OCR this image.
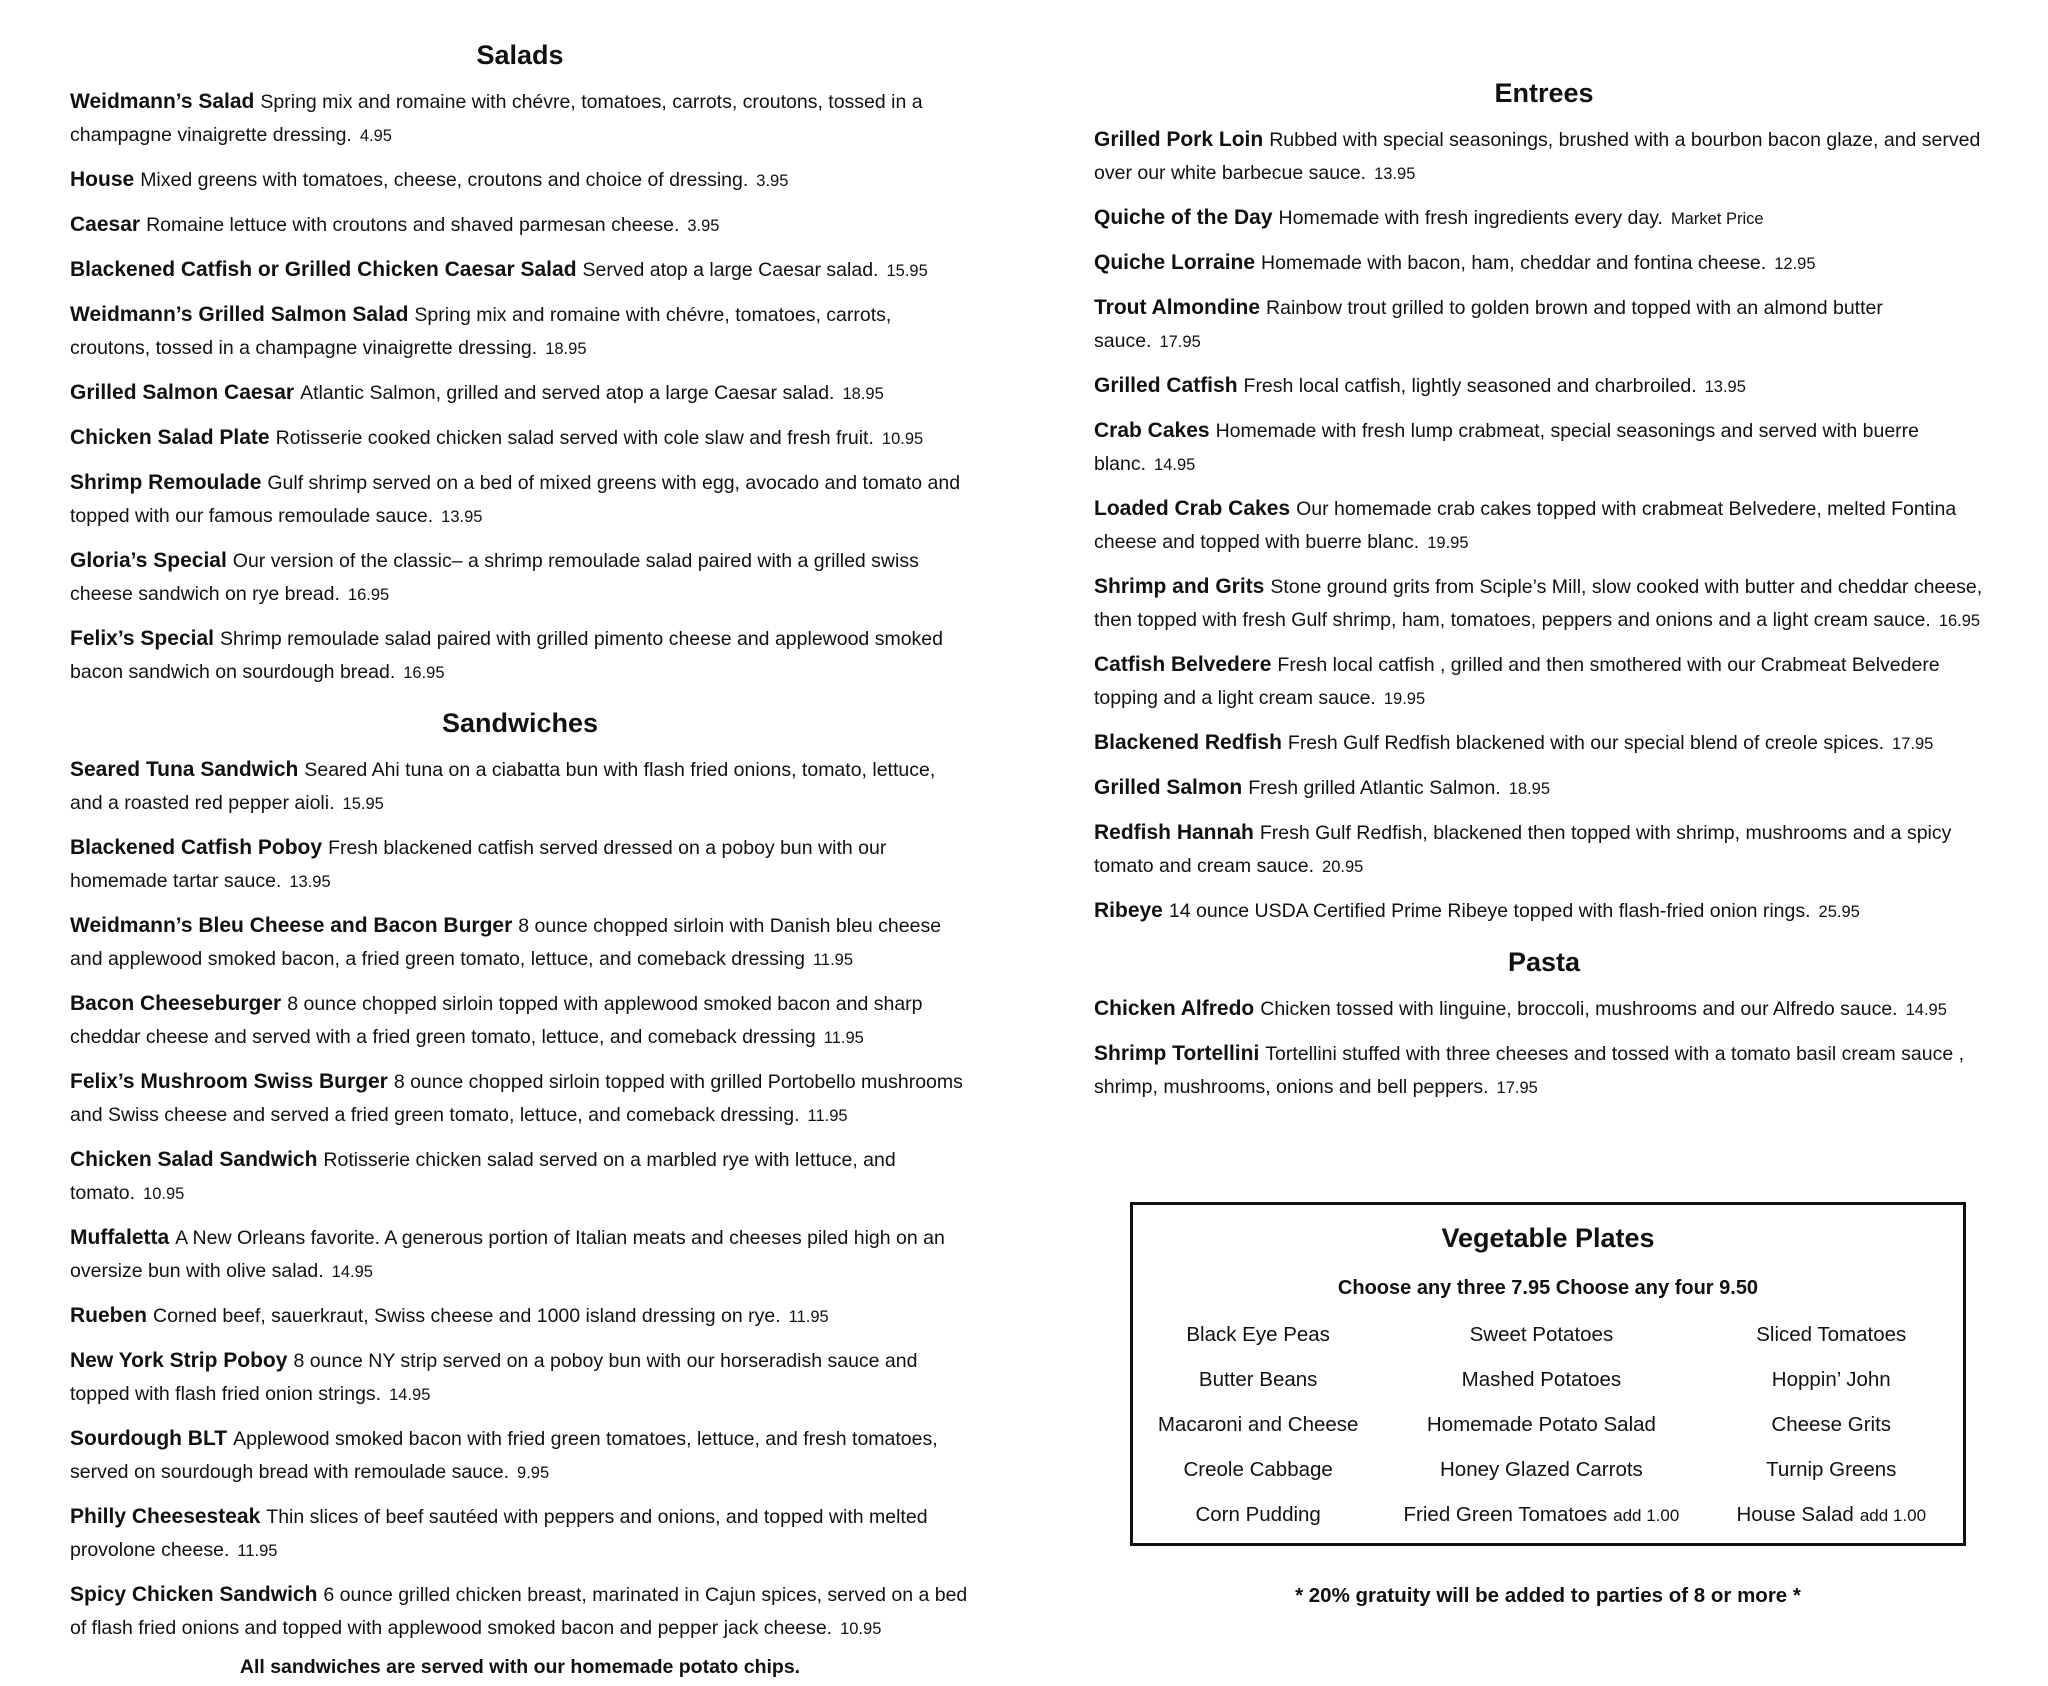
Salads

Weidmann’s Salad Spring mix and romaine with chévre, tomatoes, carrots, croutons, tossed in a champagne vinaigrette dressing. 4.95

House Mixed greens with tomatoes, cheese, croutons and choice of dressing. 3.95

Caesar Romaine lettuce with croutons and shaved parmesan cheese. 3.95

Blackened Catfish or Grilled Chicken Caesar Salad Served atop a large Caesar salad. 15.95

Weidmann’s Grilled Salmon Salad Spring mix and romaine with chévre, tomatoes, carrots, croutons, tossed in a champagne vinaigrette dressing. 18.95

Grilled Salmon Caesar Atlantic Salmon, grilled and served atop a large Caesar salad. 18.95

Chicken Salad Plate Rotisserie cooked chicken salad served with cole slaw and fresh fruit. 10.95

Shrimp Remoulade Gulf shrimp served on a bed of mixed greens with egg, avocado and tomato and topped with our famous remoulade sauce. 13.95

Gloria’s Special Our version of the classic– a shrimp remoulade salad paired with a grilled swiss cheese sandwich on rye bread. 16.95

Felix’s Special Shrimp remoulade salad paired with grilled pimento cheese and applewood smoked bacon sandwich on sourdough bread. 16.95

Sandwiches

Seared Tuna Sandwich Seared Ahi tuna on a ciabatta bun with flash fried onions, tomato, lettuce, and a roasted red pepper aioli. 15.95

Blackened Catfish Poboy Fresh blackened catfish served dressed on a poboy bun with our homemade tartar sauce. 13.95

Weidmann’s Bleu Cheese and Bacon Burger 8 ounce chopped sirloin with Danish bleu cheese and applewood smoked bacon, a fried green tomato, lettuce, and comeback dressing 11.95

Bacon Cheeseburger 8 ounce chopped sirloin topped with applewood smoked bacon and sharp cheddar cheese and served with a fried green tomato, lettuce, and comeback dressing 11.95

Felix’s Mushroom Swiss Burger 8 ounce chopped sirloin topped with grilled Portobello mushrooms and Swiss cheese and served a fried green tomato, lettuce, and comeback dressing. 11.95

Chicken Salad Sandwich Rotisserie chicken salad served on a marbled rye with lettuce, and tomato. 10.95

Muffaletta A New Orleans favorite. A generous portion of Italian meats and cheeses piled high on an oversize bun with olive salad. 14.95

Rueben Corned beef, sauerkraut, Swiss cheese and 1000 island dressing on rye. 11.95

New York Strip Poboy 8 ounce NY strip served on a poboy bun with our horseradish sauce and topped with flash fried onion strings. 14.95

Sourdough BLT Applewood smoked bacon with fried green tomatoes, lettuce, and fresh tomatoes, served on sourdough bread with remoulade sauce. 9.95

Philly Cheesesteak Thin slices of beef sautéed with peppers and onions, and topped with melted provolone cheese. 11.95

Spicy Chicken Sandwich 6 ounce grilled chicken breast, marinated in Cajun spices, served on a bed of flash fried onions and topped with applewood smoked bacon and pepper jack cheese. 10.95

All sandwiches are served with our homemade potato chips.
Entrees

Grilled Pork Loin Rubbed with special seasonings, brushed with a bourbon bacon glaze, and served over our white barbecue sauce. 13.95

Quiche of the Day Homemade with fresh ingredients every day. Market Price

Quiche Lorraine Homemade with bacon, ham, cheddar and fontina cheese. 12.95

Trout Almondine Rainbow trout grilled to golden brown and topped with an almond butter sauce. 17.95

Grilled Catfish Fresh local catfish, lightly seasoned and charbroiled. 13.95

Crab Cakes Homemade with fresh lump crabmeat, special seasonings and served with buerre blanc. 14.95

Loaded Crab Cakes Our homemade crab cakes topped with crabmeat Belvedere, melted Fontina cheese and topped with buerre blanc. 19.95

Shrimp and Grits Stone ground grits from Sciple’s Mill, slow cooked with butter and cheddar cheese, then topped with fresh Gulf shrimp, ham, tomatoes, peppers and onions and a light cream sauce. 16.95

Catfish Belvedere Fresh local catfish , grilled and then smothered with our Crabmeat Belvedere topping and a light cream sauce. 19.95

Blackened Redfish Fresh Gulf Redfish blackened with our special blend of creole spices. 17.95

Grilled Salmon Fresh grilled Atlantic Salmon. 18.95

Redfish Hannah Fresh Gulf Redfish, blackened then topped with shrimp, mushrooms and a spicy tomato and cream sauce. 20.95

Ribeye 14 ounce USDA Certified Prime Ribeye topped with flash-fried onion rings. 25.95

Pasta

Chicken Alfredo Chicken tossed with linguine, broccoli, mushrooms and our Alfredo sauce. 14.95

Shrimp Tortellini Tortellini stuffed with three cheeses and tossed with a tomato basil cream sauce , shrimp, mushrooms, onions and bell peppers. 17.95

Vegetable Plates
Choose any three 7.95 Choose any four 9.50
Black Eye Peas	Sweet Potatoes	Sliced Tomatoes
Butter Beans	Mashed Potatoes	Hoppin’ John
Macaroni and Cheese	Homemade Potato Salad	Cheese Grits
Creole Cabbage	Honey Glazed Carrots	Turnip Greens
Corn Pudding	Fried Green Tomatoes add 1.00	House Salad add 1.00
* 20% gratuity will be added to parties of 8 or more *
